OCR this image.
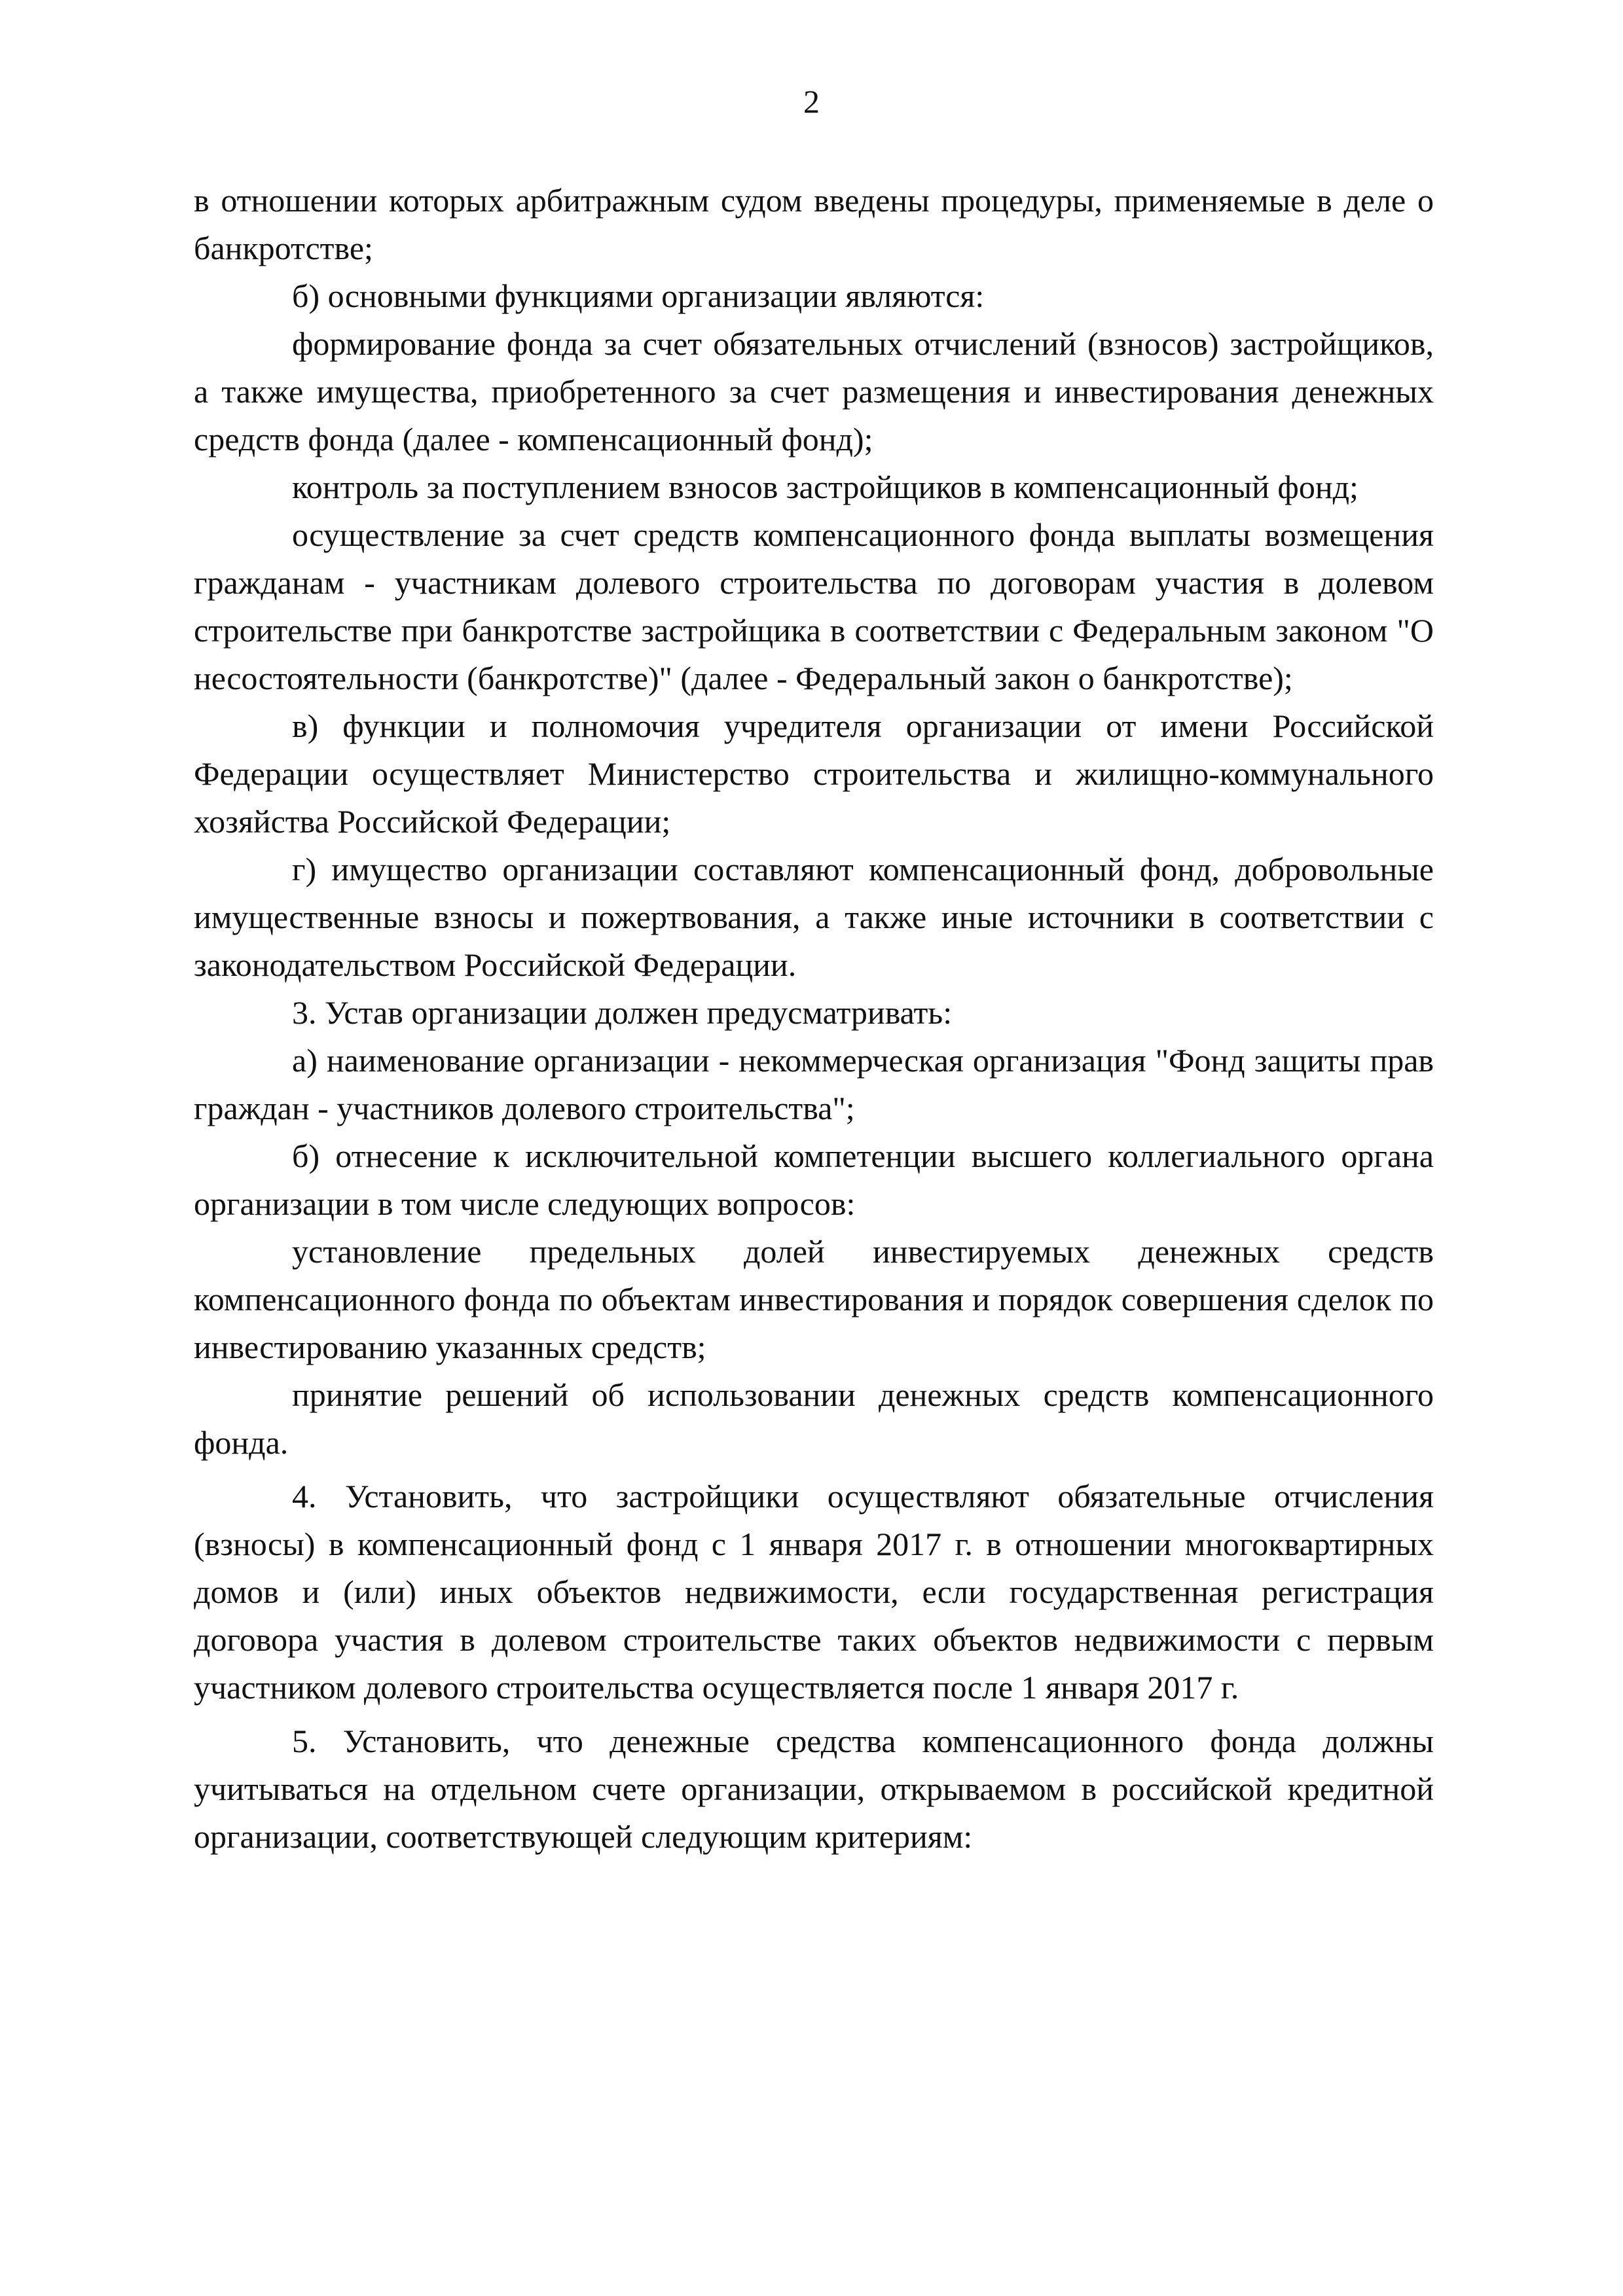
2

в отношении которых арбитражным судом введены процедуры, применяемые в деле о банкротстве;

б) основными функциями организации являются:

формирование фонда за счет обязательных отчислений (взносов) застройщиков, а также имущества, приобретенного за счет размещения и инвестирования денежных средств фонда (далее - компенсационный фонд);

контроль за поступлением взносов застройщиков в компенсационный фонд;

осуществление за счет средств компенсационного фонда выплаты возмещения гражданам - участникам долевого строительства по договорам участия в долевом строительстве при банкротстве застройщика в соответствии с Федеральным законом "О несостоятельности (банкротстве)" (далее - Федеральный закон о банкротстве);

в) функции и полномочия учредителя организации от имени Российской Федерации осуществляет Министерство строительства и жилищно-коммунального хозяйства Российской Федерации;

г) имущество организации составляют компенсационный фонд, добровольные имущественные взносы и пожертвования, а также иные источники в соответствии с законодательством Российской Федерации.

3. Устав организации должен предусматривать:

а) наименование организации - некоммерческая организация "Фонд защиты прав граждан - участников долевого строительства";

б) отнесение к исключительной компетенции высшего коллегиального органа организации в том числе следующих вопросов:

установление предельных долей инвестируемых денежных средств компенсационного фонда по объектам инвестирования и порядок совершения сделок по инвестированию указанных средств;

принятие решений об использовании денежных средств компенсационного фонда.

4. Установить, что застройщики осуществляют обязательные отчисления (взносы) в компенсационный фонд с 1 января 2017 г. в отношении многоквартирных домов и (или) иных объектов недвижимости, если государственная регистрация договора участия в долевом строительстве таких объектов недвижимости с первым участником долевого строительства осуществляется после 1 января 2017 г.

5. Установить, что денежные средства компенсационного фонда должны учитываться на отдельном счете организации, открываемом в российской кредитной организации, соответствующей следующим критериям:
